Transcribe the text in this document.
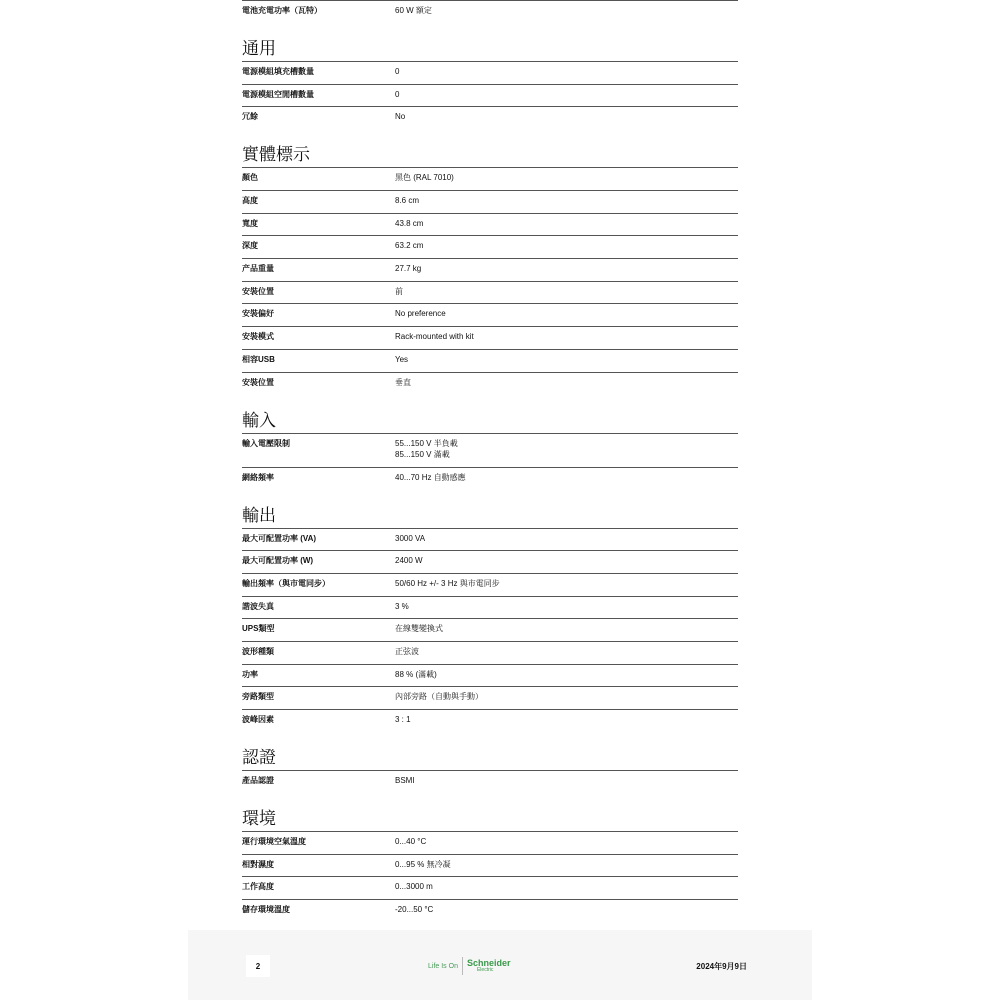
電池充電功率（瓦特）	60 W 額定
通用
電源模組填充槽數量	0
電源模組空閒槽數量	0
冗餘	No
實體標示
顏色	黑色 (RAL 7010)
高度	8.6 cm
寬度	43.8 cm
深度	63.2 cm
产品重量	27.7 kg
安裝位置	前
安裝偏好	No preference
安裝模式	Rack-mounted with kit
相容USB	Yes
安裝位置	垂直
輸入
輸入電壓限制	55...150 V 半負載
85...150 V 滿載
網絡頻率	40...70 Hz 自動感應
輸出
最大可配置功率 (VA)	3000 VA
最大可配置功率 (W)	2400 W
輸出頻率（與市電同步）	50/60 Hz +/- 3 Hz 與市電同步
諧波失真	3 %
UPS類型	在線雙變換式
波形種類	正弦波
功率	88 % (滿載)
旁路類型	內部旁路（自動與手動）
波峰因素	3 : 1
認證
產品認證	BSMI
環境
運行環境空氣溫度	0...40 °C
相對濕度	0...95 % 無冷凝
工作高度	0...3000 m
儲存環境溫度	-20...50 °C
2	Life Is On Schneider
Electric	2024年9月9日
